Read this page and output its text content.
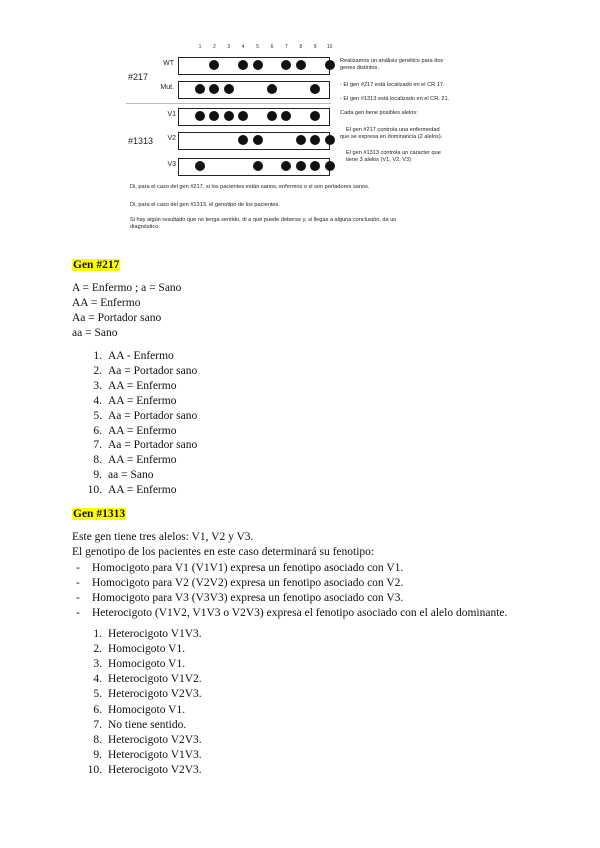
1	2	3	4	5	6	7	8	9	10
#217
#1313
WT
Mut.
V1
V2
V3
Realizamos un análisis genético para dos
genes distintos.
- El gen #217 está localizado en el CR 17.
- El gen #1313 está localizado en el CR. 21.
Cada gen tiene posibles alelos:
El gen #217 controla una enfermedad
que se expresa en dominancia (2 alelos).
El gen #1313 controla un caracter que
tiene 3 alelos (V1, V2, V3)
Di, para el caso del gen #217, si los pacientes están sanos, enfermos o si son portadores sanos.
Di, para el caso del gen #1313, el genotipo de los pacientes.
Si hay algún resultado que no tenga sentido, di a qué puede deberse y, si llegas a alguna conclusión, da un
diagnóstico.
Gen #217
A = Enfermo ; a = Sano
AA = Enfermo
Aa = Portador sano
aa = Sano
1. AA - Enfermo
2. Aa = Portador sano
3. AA = Enfermo
4. AA = Enfermo
5. Aa = Portador sano
6. AA = Enfermo
7. Aa = Portador sano
8. AA = Enfermo
9. aa = Sano
10. AA = Enfermo
Gen #1313
Este gen tiene tres alelos: V1, V2 y V3.
El genotipo de los pacientes en este caso determinará su fenotipo:
- Homocigoto para V1 (V1V1) expresa un fenotipo asociado con V1.
- Homocigoto para V2 (V2V2) expresa un fenotipo asociado con V2.
- Homocigoto para V3 (V3V3) expresa un fenotipo asociado con V3.
- Heterocigoto (V1V2, V1V3 o V2V3) expresa el fenotipo asociado con el alelo dominante.
1. Heterocigoto V1V3.
2. Homocigoto V1.
3. Homocigoto V1.
4. Heterocigoto V1V2.
5. Heterocigoto V2V3.
6. Homocigoto V1.
7. No tiene sentido.
8. Heterocigoto V2V3.
9. Heterocigoto V1V3.
10. Heterocigoto V2V3.
